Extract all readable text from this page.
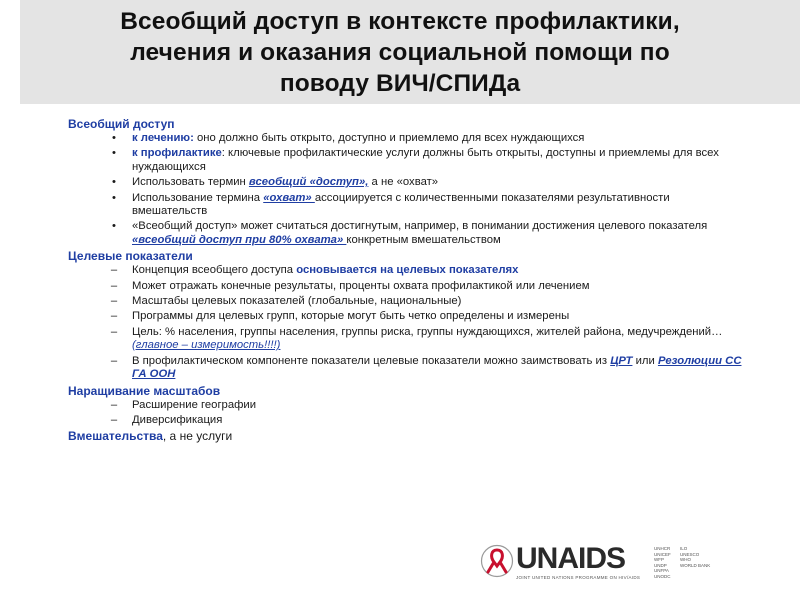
Всеобщий доступ в контексте профилактики,
лечения и оказания социальной помощи по
поводу ВИЧ/СПИДа
Всеобщий доступ
•	к лечению: оно должно быть открыто, доступно и приемлемо для всех нуждающихся
•	к профилактике: ключевые профилактические услуги должны быть открыты, доступны и приемлемы для всех нуждающихся
•	Использовать термин всеобщий «доступ», а не «охват»
•	Использование термина «охват» ассоциируется с количественными показателями результативности вмешательств
•	«Всеобщий доступ» может считаться достигнутым, например, в понимании достижения целевого показателя «всеобщий доступ при 80% охвата» конкретным вмешательством
Целевые показатели
– Концепция всеобщего доступа основывается на целевых показателях
– Может отражать конечные результаты, проценты охвата профилактикой или лечением
– Масштабы целевых показателей (глобальные, национальные)
– Программы для целевых групп, которые могут быть четко определены и измерены
– Цель: % населения, группы населения, группы риска, группы нуждающихся, жителей района, медучреждений… (главное – измеримость!!!!)
– В профилактическом компоненте показатели целевые показатели можно заимствовать из ЦРТ или Резолюции СС ГА ООН
Наращивание масштабов
– Расширение географии
– Диверсификация
Вмешательства, а не услуги
UNAIDS
JOINT UNITED NATIONS PROGRAMME ON HIV/AIDS
UNHCR
UNICEF
WFP
UNDP
UNFPA
UNODC
ILO
UNESCO
WHO
WORLD BANK
